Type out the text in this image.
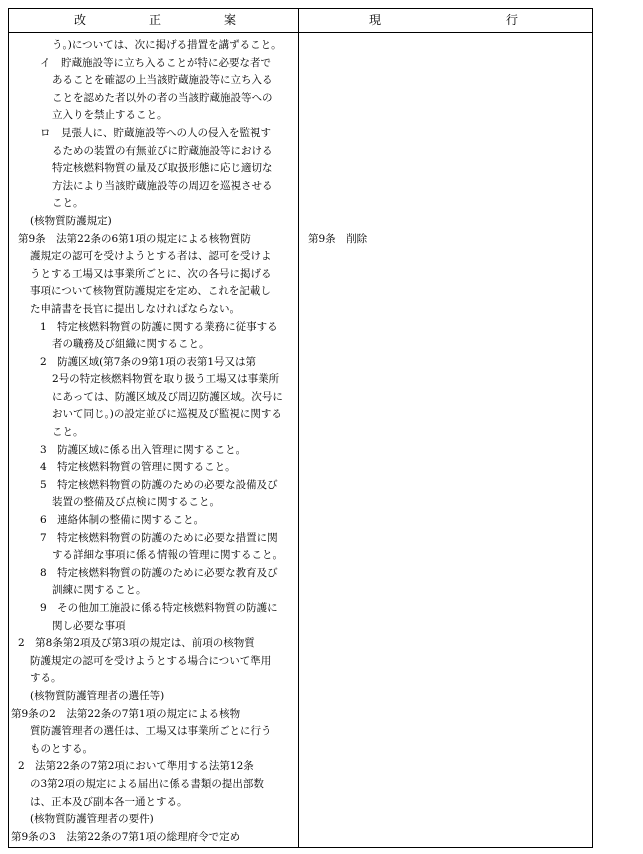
改正案	現行
う。)については、次に掲げる措置を講ずること。
イ　貯蔵施設等に立ち入ることが特に必要な者で
あることを確認の上当該貯蔵施設等に立ち入る
ことを認めた者以外の者の当該貯蔵施設等への
立入りを禁止すること。
ロ　見張人に、貯蔵施設等への人の侵入を監視す
るための装置の有無並びに貯蔵施設等における
特定核燃料物質の量及び取扱形態に応じ適切な
方法により当該貯蔵施設等の周辺を巡視させる
こと。
(核物質防護規定)
第9条　法第22条の6第1項の規定による核物質防
護規定の認可を受けようとする者は、認可を受けよ
うとする工場又は事業所ごとに、次の各号に掲げる
事項について核物質防護規定を定め、これを記載し
た申請書を長官に提出しなければならない。
1　特定核燃料物質の防護に関する業務に従事する
者の職務及び組織に関すること。
2　防護区域(第7条の9第1項の表第1号又は第
2号の特定核燃料物質を取り扱う工場又は事業所
にあっては、防護区域及び周辺防護区域。次号に
おいて同じ。)の設定並びに巡視及び監視に関する
こと。
3　防護区域に係る出入管理に関すること。
4　特定核燃料物質の管理に関すること。
5　特定核燃料物質の防護のための必要な設備及び
装置の整備及び点検に関すること。
6　連絡体制の整備に関すること。
7　特定核燃料物質の防護のために必要な措置に関
する詳細な事項に係る情報の管理に関すること。
8　特定核燃料物質の防護のために必要な教育及び
訓練に関すること。
9　その他加工施設に係る特定核燃料物質の防護に
関し必要な事項
2　第8条第2項及び第3項の規定は、前項の核物質
防護規定の認可を受けようとする場合について準用
する。
(核物質防護管理者の選任等)
第9条の2　法第22条の7第1項の規定による核物
質防護管理者の選任は、工場又は事業所ごとに行う
ものとする。
2　法第22条の7第2項において準用する法第12条
の3第2項の規定による届出に係る書類の提出部数
は、正本及び副本各一通とする。
(核物質防護管理者の要件)
第9条の3　法第22条の7第1項の総理府令で定め
第9条　削除
